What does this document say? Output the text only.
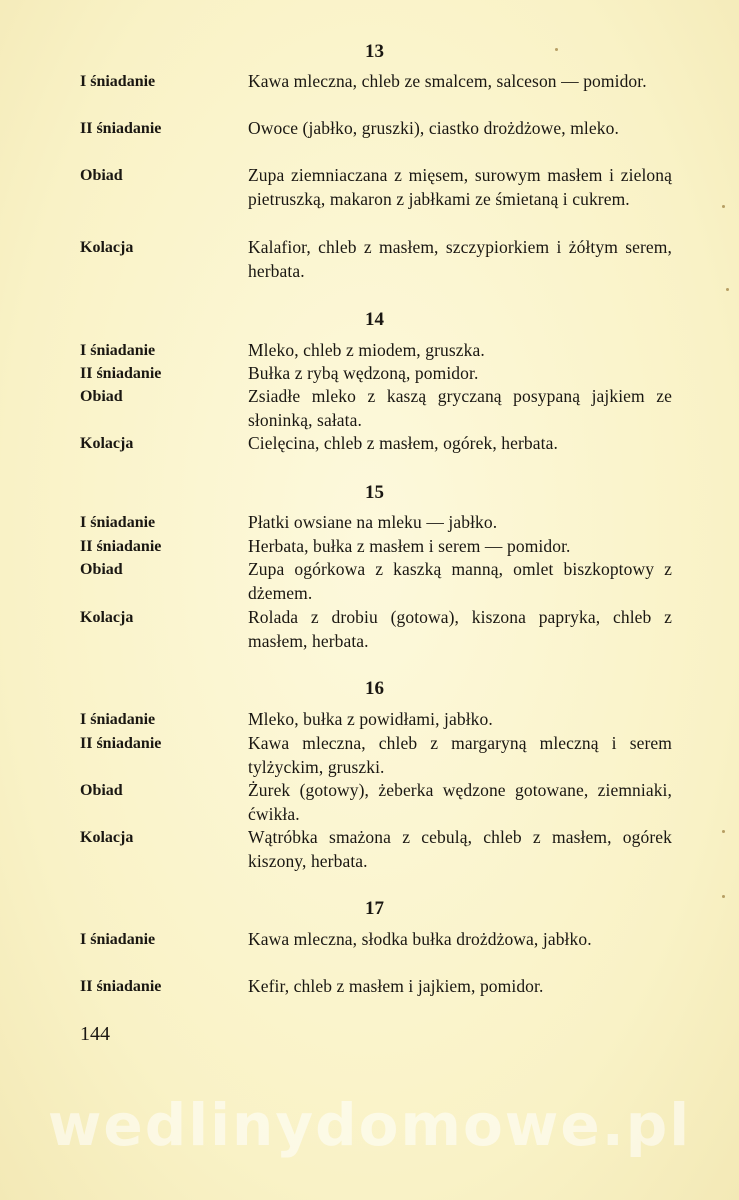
13
I śniadanie	Kawa mleczna, chleb ze smalcem, salceson — pomidor.
II śniadanie	Owoce (jabłko, gruszki), ciastko drożdżowe, mleko.
Obiad	Zupa ziemniaczana z mięsem, surowym masłem i zieloną pietruszką, makaron z jabłkami ze śmietaną i cukrem.
Kolacja	Kalafior, chleb z masłem, szczypiorkiem i żółtym serem, herbata.
14
I śniadanie	Mleko, chleb z miodem, gruszka.
II śniadanie	Bułka z rybą wędzoną, pomidor.
Obiad	Zsiadłe mleko z kaszą gryczaną posypaną jajkiem ze słoninką, sałata.
Kolacja	Cielęcina, chleb z masłem, ogórek, herbata.
15
I śniadanie	Płatki owsiane na mleku — jabłko.
II śniadanie	Herbata, bułka z masłem i serem — pomidor.
Obiad	Zupa ogórkowa z kaszką manną, omlet biszkoptowy z dżemem.
Kolacja	Rolada z drobiu (gotowa), kiszona papryka, chleb z masłem, herbata.
16
I śniadanie	Mleko, bułka z powidłami, jabłko.
II śniadanie	Kawa mleczna, chleb z margaryną mleczną i serem tylżyckim, gruszki.
Obiad	Żurek (gotowy), żeberka wędzone gotowane, ziemniaki, ćwikła.
Kolacja	Wątróbka smażona z cebulą, chleb z masłem, ogórek kiszony, herbata.
17
I śniadanie	Kawa mleczna, słodka bułka drożdżowa, jabłko.
II śniadanie	Kefir, chleb z masłem i jajkiem, pomidor.
144
wedlinydomowe.pl
